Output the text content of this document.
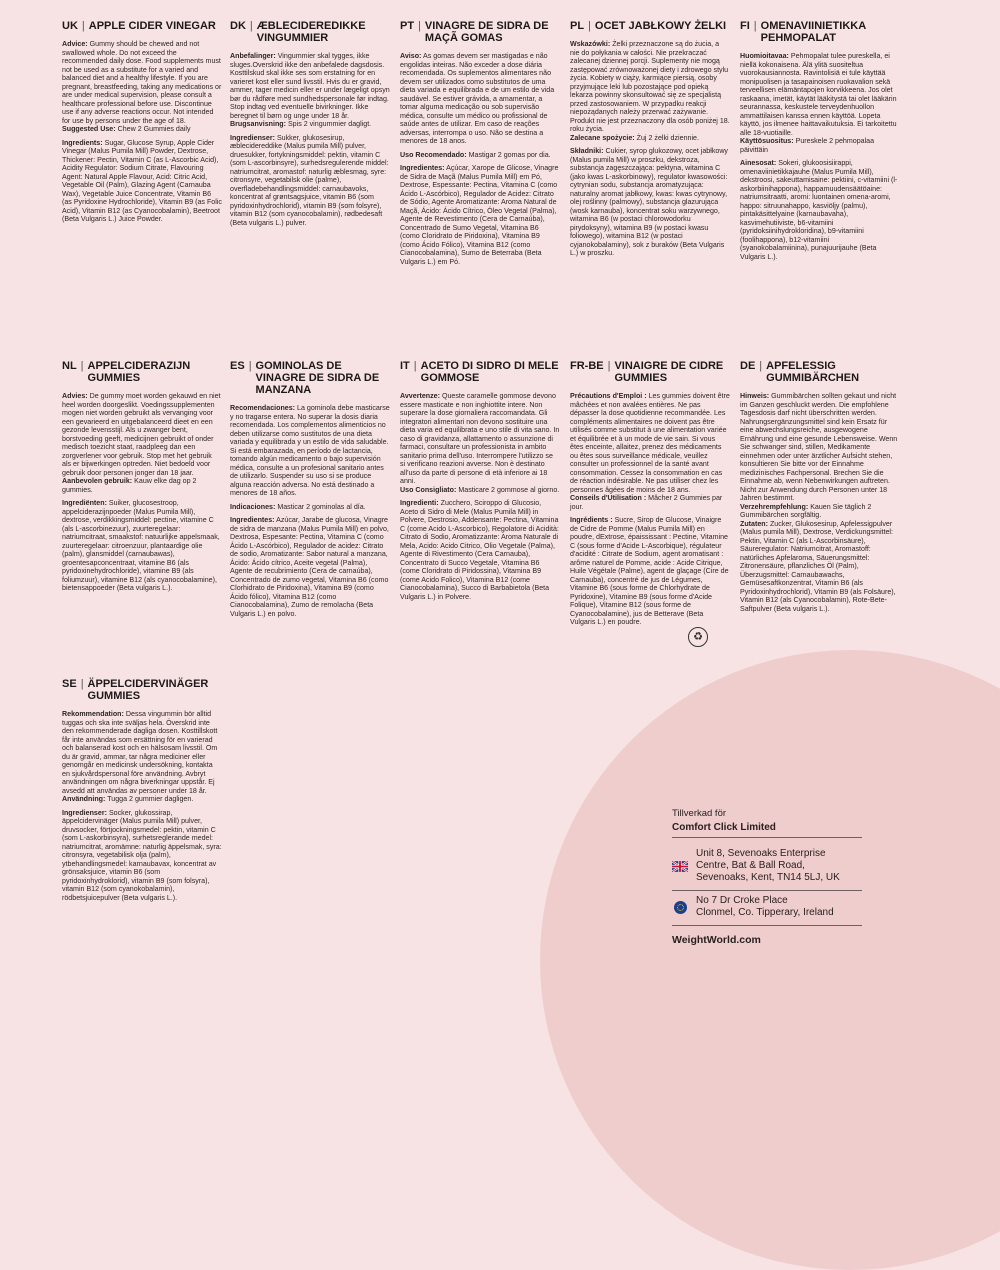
UK | APPLE CIDER VINEGAR

Advice: Gummy should be chewed and not swallowed whole. Do not exceed the recommended daily dose. Food supplements must not be used as a substitute for a varied and balanced diet and a healthy lifestyle. If you are pregnant, breastfeeding, taking any medications or are under medical supervision, please consult a healthcare professional before use. Discontinue use if any adverse reactions occur. Not intended for use by persons under the age of 18.
Suggested Use: Chew 2 Gummies daily

Ingredients: Sugar, Glucose Syrup, Apple Cider Vinegar (Malus Pumila Mill) Powder, Dextrose, Thickener: Pectin, Vitamin C (as L-Ascorbic Acid), Acidity Regulator: Sodium Citrate, Flavouring Agent: Natural Apple Flavour, Acid: Citric Acid, Vegetable Oil (Palm), Glazing Agent (Carnauba Wax), Vegetable Juice Concentrate, Vitamin B6 (as Pyridoxine Hydrochloride), Vitamin B9 (as Folic Acid), Vitamin B12 (as Cyanocobalamin), Beetroot (Beta Vulgaris L.) Juice Powder.

DK | ÆBLECIDEREDIKKE VINGUMMIER

Anbefalinger: Vingummier skal tygges, ikke sluges.Overskrid ikke den anbefalede dagsdosis. Kosttilskud skal ikke ses som erstatning for en varieret kost eller sund livsstil. Hvis du er gravid, ammer, tager medicin eller er under lægeligt opsyn bør du rådføre med sundhedspersonale før indtag. Stop indtag ved eventuelle bivirkninger. Ikke beregnet til børn og unge under 18 år.
Brugsanvisning: Spis 2 vingummier dagligt.

Ingredienser: Sukker, glukosesirup, æblecidereddike (Malus pumila Mill) pulver, druesukker, fortykningsmiddel: pektin, vitamin C (som L-ascorbinsyre), surhedsregulerende middel: natriumcitrat, aromastof: naturlig æblesmag, syre: citronsyre, vegetabilsk olie (palme), overfladebehandlingsmiddel: carnaubavoks, koncentrat af grøntsagsjuice, vitamin B6 (som pyridoxinhydrochlorid), vitamin B9 (som folsyre), vitamin B12 (som cyanocobalamin), rødbedesaft (Beta vulgaris L.) pulver.

PT | VINAGRE DE SIDRA DE MAÇÃ GOMAS

Aviso: As gomas devem ser mastigadas e não engolidas inteiras. Não exceder a dose diária recomendada. Os suplementos alimentares não devem ser utilizados como substitutos de uma dieta variada e equilibrada e de um estilo de vida saudável. Se estiver grávida, a amamentar, a tomar alguma medicação ou sob supervisão médica, consulte um médico ou profissional de saúde antes de utilizar. Em caso de reações adversas, interrompa o uso. Não se destina a menores de 18 anos.

Uso Recomendado: Mastigar 2 gomas por dia.

Ingredientes: Açúcar, Xarope de Glicose, Vinagre de Sidra de Maçã (Malus Pumila Mill) em Pó, Dextrose, Espessante: Pectina, Vitamina C (como Ácido L-Ascórbico), Regulador de Acidez: Citrato de Sódio, Agente Aromatizante: Aroma Natural de Maçã, Ácido: Ácido Cítrico, Óleo Vegetal (Palma), Agente de Revestimento (Cera de Carnaúba), Concentrado de Sumo Vegetal, Vitamina B6 (como Cloridrato de Piridoxina), Vitamina B9 (como Ácido Fólico), Vitamina B12 (como Cianocobalamina), Sumo de Beterraba (Beta Vulgaris L.) em Pó.

PL | OCET JABŁKOWY ŻELKI

Wskazówki: Żelki przeznaczone są do żucia, a nie do połykania w całości. Nie przekraczać zalecanej dziennej porcji. Suplementy nie mogą zastępować zrównoważonej diety i zdrowego stylu życia. Kobiety w ciąży, karmiące piersią, osoby przyjmujące leki lub pozostające pod opieką lekarza powinny skonsultować się ze specjalistą przed zastosowaniem. W przypadku reakcji niepożądanych należy przerwać zażywanie. Produkt nie jest przeznaczony dla osób poniżej 18. roku życia.
Zalecane spożycie: Żuj 2 żelki dziennie.

Składniki: Cukier, syrop glukozowy, ocet jabłkowy (Malus pumila Mill) w proszku, dekstroza, substancja zagęszczająca: pektyna, witamina C (jako kwas L-askorbinowy), regulator kwasowości: cytrynian sodu, substancja aromatyzująca: naturalny aromat jabłkowy, kwas: kwas cytrynowy, olej roślinny (palmowy), substancja glazurująca (wosk karnauba), koncentrat soku warzywnego, witamina B6 (w postaci chlorowodorku pirydoksyny), witamina B9 (w postaci kwasu foliowego), witamina B12 (w postaci cyjanokobalaminy), sok z buraków (Beta Vulgaris L.) w proszku.

FI | OMENAVIINIETIKKA PEHMOPALAT

Huomioitavaa: Pehmopalat tulee pureskella, ei niellä kokonaisena. Älä ylitä suositeltua vuorokausiannosta. Ravintolisiä ei tule käyttää monipuolisen ja tasapainoisen ruokavalion sekä terveellisen elämäntapojen korvikkeena. Jos olet raskaana, imetät, käytät lääkitystä tai olet lääkärin seurannassa, keskustele terveydenhuollon ammattilaisen kanssa ennen käyttöä. Lopeta käyttö, jos ilmenee haittavaikutuksia. Ei tarkoitettu alle 18-vuotiaille.
Käyttösuositus: Pureskele 2 pehmopalaa päivittäin

Ainesosat: Sokeri, glukoosisiirappi, omenaviinietikkajauhe (Malus Pumila Mill), dekstroosi, sakeuttamisaine: pektiini, c-vitamiini (l-askorbiinihappona), happamuudensäätöaine: natriumsitraatti, aromi: luontainen omena-aromi, happo: sitruunahappo, kasviöljy (palmu), pintakäsittelyaine (karnaubavaha), kasvimehutiiviste, b6-vitamiini (pyridoksiinihydrokloridina), b9-vitamiini (foolihappona), b12-vitamiini (syanokobalamiinina), punajuurijauhe (Beta Vulgaris L.).

NL | APPELCIDERAZIJN GUMMIES

Advies: De gummy moet worden gekauwd en niet heel worden doorgeslikt. Voedingssupplementen mogen niet worden gebruikt als vervanging voor een gevarieerd en uitgebalanceerd dieet en een gezonde levensstijl. Als u zwanger bent, borstvoeding geeft, medicijnen gebruikt of onder medisch toezicht staat, raadpleeg dan een zorgverlener voor gebruik. Stop met het gebruik als er bijwerkingen optreden. Niet bedoeld voor gebruik door personen jonger dan 18 jaar.
Aanbevolen gebruik: Kauw elke dag op 2 gummies.

Ingrediënten: Suiker, glucosestroop, appelciderazijnpoeder (Malus Pumila Mill), dextrose, verdikkingsmiddel: pectine, vitamine C (als L-ascorbinezuur), zuurteregelaar: natriumcitraat, smaakstof: natuurlijke appelsmaak, zuurteregelaar: citroenzuur, plantaardige olie (palm), glansmiddel (carnaubawas), groentesapconcentraat, vitamine B6 (als pyridoxinehydrochloride), vitamine B9 (als foliumzuur), vitamine B12 (als cyanocobalamine), bietensappoeder (Beta vulgaris L.).

ES | GOMINOLAS DE VINAGRE DE SIDRA DE MANZANA

Recomendaciones: La gominola debe masticarse y no tragarse entera. No superar la dosis diaria recomendada. Los complementos alimenticios no deben utilizarse como sustitutos de una dieta variada y equilibrada y un estilo de vida saludable. Si está embarazada, en período de lactancia, tomando algún medicamento o bajo supervisión médica, consulte a un profesional sanitario antes de utilizarlo. Suspender su uso si se produce alguna reacción adversa. No está destinado a menores de 18 años.

Indicaciones: Masticar 2 gominolas al día.

Ingredientes: Azúcar, Jarabe de glucosa, Vinagre de sidra de manzana (Malus Pumila Mill) en polvo, Dextrosa, Espesante: Pectina, Vitamina C (como Ácido L-Ascórbico), Regulador de acidez: Citrato de sodio, Aromatizante: Sabor natural a manzana, Ácido: Ácido cítrico, Aceite vegetal (Palma), Agente de recubrimiento (Cera de carnaúba), Concentrado de zumo vegetal, Vitamina B6 (como Clorhidrato de Piridoxina), Vitamina B9 (como Ácido fólico), Vitamina B12 (como Cianocobalamina), Zumo de remolacha (Beta Vulgaris L.) en polvo.

IT | ACETO DI SIDRO DI MELE GOMMOSE

Avvertenze: Queste caramelle gommose devono essere masticate e non inghiottite intere. Non superare la dose giornaliera raccomandata. Gli integratori alimentari non devono sostituire una dieta varia ed equilibrata e uno stile di vita sano. In caso di gravidanza, allattamento o assunzione di farmaci, consultare un professionista in ambito sanitario prima dell'uso. Interrompere l'utilizzo se si verificano reazioni avverse. Non è destinato all'uso da parte di persone di età inferiore ai 18 anni.
Uso Consigliato: Masticare 2 gommose al giorno.

Ingredienti: Zucchero, Sciroppo di Glucosio, Aceto di Sidro di Mele (Malus Pumila Mill) in Polvere, Destrosio, Addensante: Pectina, Vitamina C (come Acido L-Ascorbico), Regolatore di Acidità: Citrato di Sodio, Aromatizzante: Aroma Naturale di Mela, Acido: Acido Citrico, Olio Vegetale (Palma), Agente di Rivestimento (Cera Carnauba), Concentrato di Succo Vegetale, Vitamina B6 (come Cloridrato di Piridossina), Vitamina B9 (come Acido Folico), Vitamina B12 (come Cianocobalamina), Succo di Barbabietola (Beta Vulgaris L.) in Polvere.

FR-BE | VINAIGRE DE CIDRE GUMMIES

Précautions d'Emploi : Les gummies doivent être mâchées et non avalées entières. Ne pas dépasser la dose quotidienne recommandée. Les compléments alimentaires ne doivent pas être utilisés comme substitut à une alimentation variée et équilibrée et à un mode de vie sain. Si vous êtes enceinte, allaitez, prenez des médicaments ou êtes sous surveillance médicale, veuillez consulter un professionnel de la santé avant consommation. Cessez la consommation en cas de réaction indésirable. Ne pas utiliser chez les personnes âgées de moins de 18 ans.
Conseils d'Utilisation : Mâcher 2 Gummies par jour.

Ingrédients : Sucre, Sirop de Glucose, Vinaigre de Cidre de Pomme (Malus Pumila Mill) en poudre, dExtrose, épaississant : Pectine, Vitamine C (sous forme d'Acide L-Ascorbique), régulateur d'acidité : Citrate de Sodium, agent aromatisant : arôme naturel de Pomme, acide : Acide Citrique, Huile Végétale (Palme), agent de glaçage (Cire de Carnauba), concentré de jus de Légumes, Vitamine B6 (sous forme de Chlorhydrate de Pyridoxine), Vitamine B9 (sous forme d'Acide Folique), Vitamine B12 (sous forme de Cyanocobalamine), jus de Betterave (Beta Vulgaris L.) en poudre.♻

DE | APFELESSIG GUMMIBÄRCHEN

Hinweis: Gummibärchen sollten gekaut und nicht im Ganzen geschluckt werden. Die empfohlene Tagesdosis darf nicht überschritten werden. Nahrungsergänzungsmittel sind kein Ersatz für eine abwechslungsreiche, ausgewogene Ernährung und eine gesunde Lebensweise. Wenn Sie schwanger sind, stillen, Medikamente einnehmen oder unter ärztlicher Aufsicht stehen, konsultieren Sie bitte vor der Einnahme medizinisches Fachpersonal. Brechen Sie die Einnahme ab, wenn Nebenwirkungen auftreten. Nicht zur Anwendung durch Personen unter 18 Jahren bestimmt.
Verzehrempfehlung: Kauen Sie täglich 2 Gummibärchen sorgfältig.
Zutaten: Zucker, Glukosesirup, Apfelessigpulver (Malus pumila Mill), Dextrose, Verdickungsmittel: Pektin, Vitamin C (als L-Ascorbinsäure), Säureregulator: Natriumcitrat, Aromastoff: natürliches Apfelaroma, Säuerungsmittel: Zitronensäure, pflanzliches Öl (Palm), Überzugsmittel: Carnaubawachs, Gemüsesaftkonzentrat, Vitamin B6 (als Pyridoxinhydrochlorid), Vitamin B9 (als Folsäure), Vitamin B12 (als Cyanocobalamin), Rote-Bete-Saftpulver (Beta vulgaris L.).

SE | ÄPPELCIDERVINÄGER GUMMIES

Rekommendation: Dessa vingummin bör alltid tuggas och ska inte sväljas hela. Överskrid inte den rekommenderade dagliga dosen. Kosttillskott får inte användas som ersättning för en varierad och balanserad kost och en hälsosam livsstil. Om du är gravid, ammar, tar några mediciner eller genomgår en medicinsk undersökning, kontakta en sjukvårdspersonal före användning. Avbryt användningen om några biverkningar uppstår. Ej avsedd att användas av personer under 18 år.
Användning: Tugga 2 gummier dagligen.

Ingredienser: Socker, glukossirap, äppelcidervinäger (Malus pumila Mill) pulver, druvsocker, förtjockningsmedel: pektin, vitamin C (som L-askorbinsyra), surhetsreglerande medel: natriumcitrat, aromämne: naturlig äppelsmak, syra: citronsyra, vegetabilisk olja (palm), ytbehandlingsmedel: karnaubavax, koncentrat av grönsaksjuice, vitamin B6 (som pyridoxinhydroklorid), vitamin B9 (som folsyra), vitamin B12 (som cyanokobalamin), rödbetsjuicepulver (Beta vulgaris L.).

Tillverkad för
Comfort Click Limited
Unit 8, Sevenoaks Enterprise
Centre, Bat & Ball Road,
Sevenoaks, Kent, TN14 5LJ, UK
No 7 Dr Croke Place
Clonmel, Co. Tipperary, Ireland
WeightWorld.com
